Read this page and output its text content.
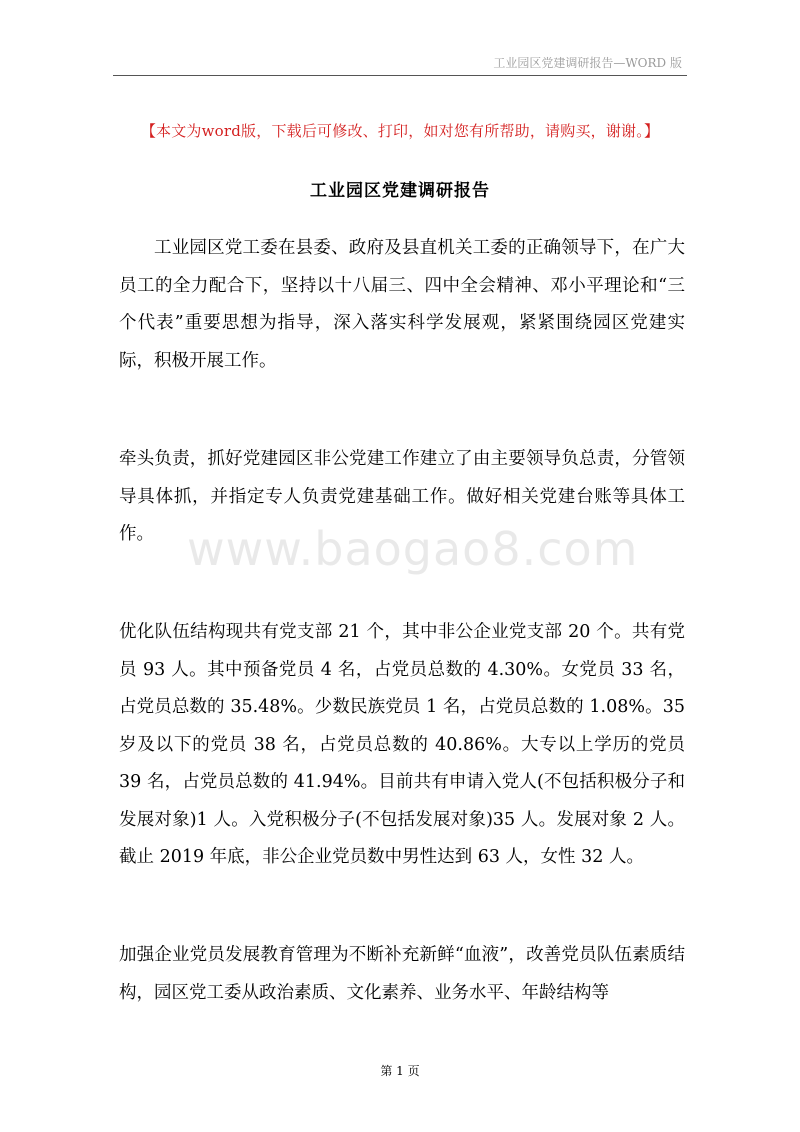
工业园区党建调研报告—WORD 版
【本文为word版，下载后可修改、打印，如对您有所帮助，请购买，谢谢。】
工业园区党建调研报告

工业园区党工委在县委、政府及县直机关工委的正确领导下，在广大员工的全力配合下，坚持以十八届三、四中全会精神、邓小平理论和“三个代表”重要思想为指导，深入落实科学发展观，紧紧围绕园区党建实际，积极开展工作。

牵头负责，抓好党建园区非公党建工作建立了由主要领导负总责，分管领导具体抓，并指定专人负责党建基础工作。做好相关党建台账等具体工作。

优化队伍结构现共有党支部 21 个，其中非公企业党支部 20 个。共有党员 93 人。其中预备党员 4 名，占党员总数的 4.30%。女党员 33 名，占党员总数的 35.48%。少数民族党员 1 名，占党员总数的 1.08%。35 岁及以下的党员 38 名，占党员总数的 40.86%。大专以上学历的党员 39 名，占党员总数的 41.94%。目前共有申请入党人(不包括积极分子和发展对象)1 人。入党积极分子(不包括发展对象)35 人。发展对象 2 人。截止 2019 年底，非公企业党员数中男性达到 63 人，女性 32 人。

加强企业党员发展教育管理为不断补充新鲜“血液”，改善党员队伍素质结构，园区党工委从政治素质、文化素养、业务水平、年龄结构等

www.baogao8.com
第 1 页
